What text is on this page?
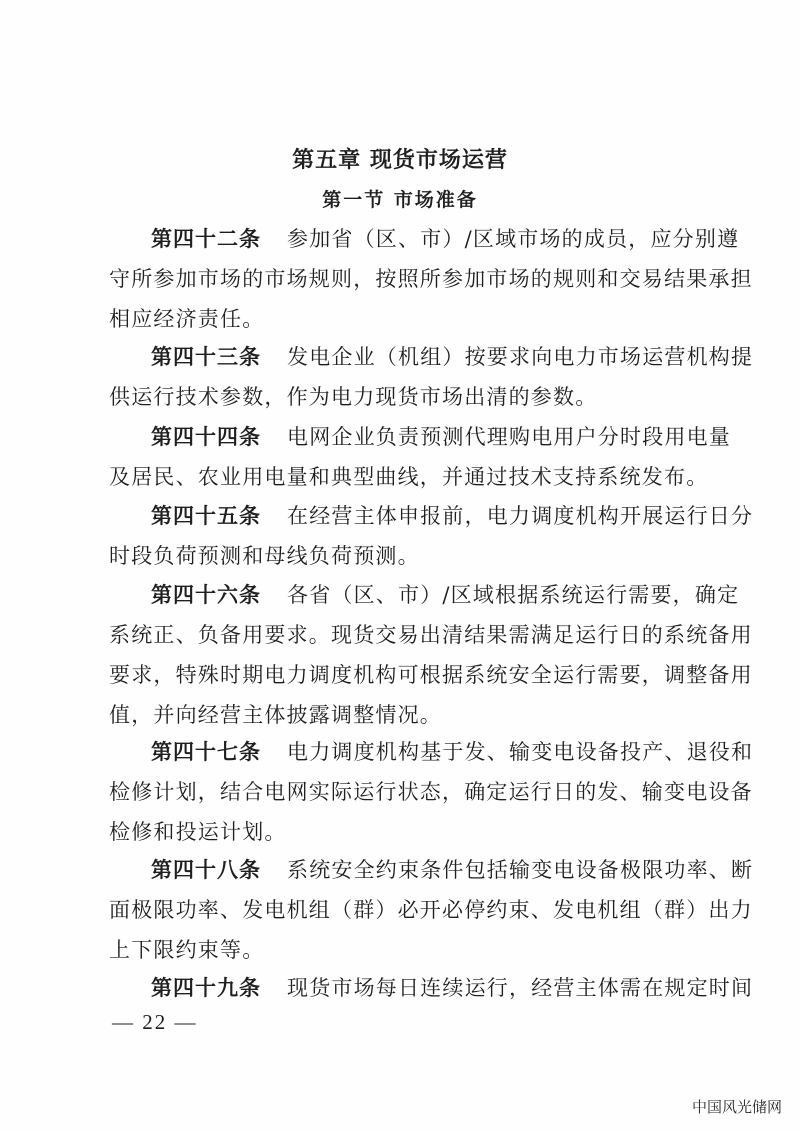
第五章 现货市场运营
第一节 市场准备
第四十二条 参加省（区、市）/区域市场的成员，应分别遵
守所参加市场的市场规则，按照所参加市场的规则和交易结果承担
相应经济责任。
第四十三条 发电企业（机组）按要求向电力市场运营机构提
供运行技术参数，作为电力现货市场出清的参数。
第四十四条 电网企业负责预测代理购电用户分时段用电量
及居民、农业用电量和典型曲线，并通过技术支持系统发布。
第四十五条 在经营主体申报前，电力调度机构开展运行日分
时段负荷预测和母线负荷预测。
第四十六条 各省（区、市）/区域根据系统运行需要，确定
系统正、负备用要求。现货交易出清结果需满足运行日的系统备用
要求，特殊时期电力调度机构可根据系统安全运行需要，调整备用
值，并向经营主体披露调整情况。
第四十七条 电力调度机构基于发、输变电设备投产、退役和
检修计划，结合电网实际运行状态，确定运行日的发、输变电设备
检修和投运计划。
第四十八条 系统安全约束条件包括输变电设备极限功率、断
面极限功率、发电机组（群）必开必停约束、发电机组（群）出力
上下限约束等。
第四十九条 现货市场每日连续运行，经营主体需在规定时间
— 22 —
中国风光储网
